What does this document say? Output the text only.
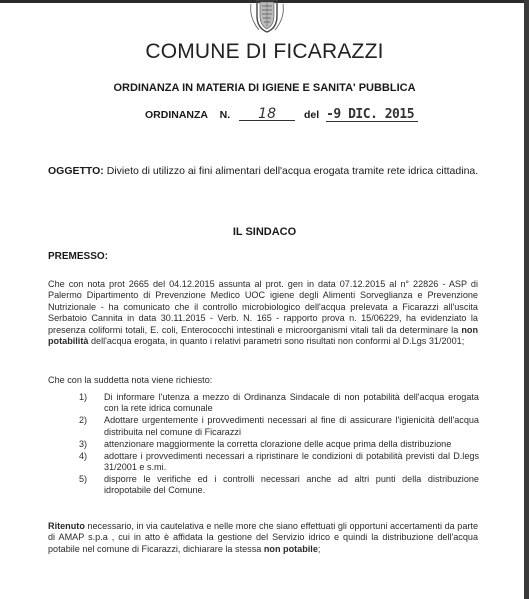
COMUNE DI FICARAZZI
ORDINANZA IN MATERIA DI IGIENE E SANITA' PUBBLICA
ORDINANZA N. 18	del -9 DIC. 2015
OGGETTO: Divieto di utilizzo ai fini alimentari dell'acqua erogata tramite rete idrica cittadina.
IL SINDACO
PREMESSO:
Che con nota prot 2665 del 04.12.2015 assunta al prot. gen in data 07.12.2015 al n° 22826 - ASP di Palermo Dipartimento di Prevenzione Medico UOC igiene degli Alimenti Sorveglianza e Prevenzione Nutrizionale - ha comunicato che il controllo microbiologico dell'acqua prelevata a Ficarazzi all'uscita Serbatoio Cannita in data 30.11.2015 - Verb. N. 165 - rapporto prova n. 15/06229, ha evidenziato la presenza coliformi totali, E. coli, Enterococchi intestinali e microorganismi vitali tali da determinare la non potabilità dell'acqua erogata, in quanto i relativi parametri sono risultati non conformi al D.Lgs 31/2001;
Che con la suddetta nota viene richiesto:
1) Di informare l'utenza a mezzo di Ordinanza Sindacale di non potabilità dell'acqua erogata con la rete idrica comunale
2) Adottare urgentemente i provvedimenti necessari al fine di assicurare l'igienicità dell'acqua distribuita nel comune di Ficarazzi
3) attenzionare maggiormente la corretta clorazione delle acque prima della distribuzione
4) adottare i provvedimenti necessari a ripristinare le condizioni di potabilità previsti dal D.legs 31/2001 e s.mi.
5) disporre le verifiche ed i controlli necessari anche ad altri punti della distribuzione idropotabile del Comune.
Ritenuto necessario, in via cautelativa e nelle more che siano effettuati gli opportuni accertamenti da parte di AMAP s.p.a , cui in atto è affidata la gestione del Servizio idrico e quindi la distribuzione dell'acqua potabile nel comune di Ficarazzi, dichiarare la stessa non potabile;
